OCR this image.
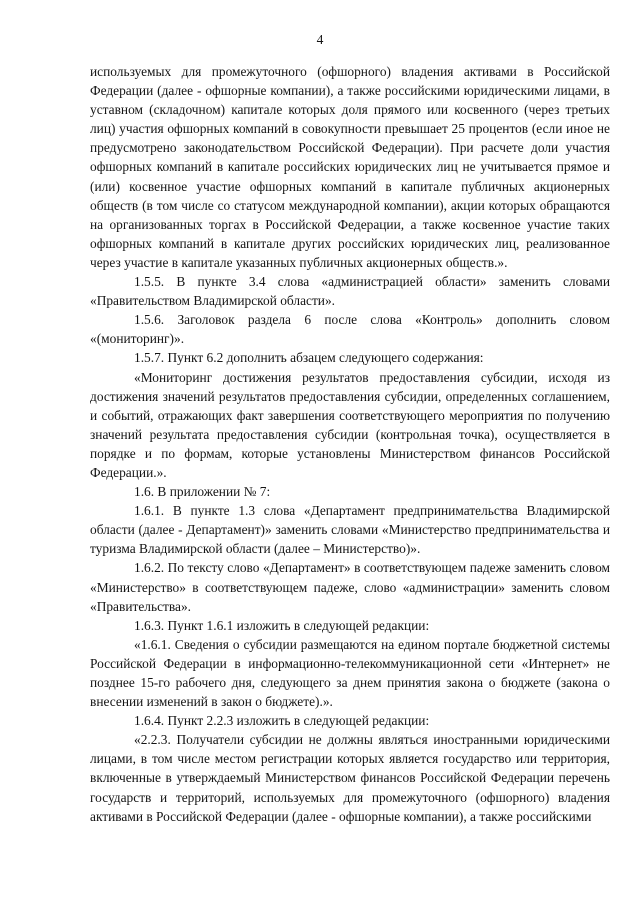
4

используемых для промежуточного (офшорного) владения активами в Российской Федерации (далее - офшорные компании), а также российскими юридическими лицами, в уставном (складочном) капитале которых доля прямого или косвенного (через третьих лиц) участия офшорных компаний в совокупности превышает 25 процентов (если иное не предусмотрено законодательством Российской Федерации). При расчете доли участия офшорных компаний в капитале российских юридических лиц не учитывается прямое и (или) косвенное участие офшорных компаний в капитале публичных акционерных обществ (в том числе со статусом международной компании), акции которых обращаются на организованных торгах в Российской Федерации, а также косвенное участие таких офшорных компаний в капитале других российских юридических лиц, реализованное через участие в капитале указанных публичных акционерных обществ.».

1.5.5. В пункте 3.4 слова «администрацией области» заменить словами «Правительством Владимирской области».

1.5.6. Заголовок раздела 6 после слова «Контроль» дополнить словом «(мониторинг)».

1.5.7. Пункт 6.2 дополнить абзацем следующего содержания:

«Мониторинг достижения результатов предоставления субсидии, исходя из достижения значений результатов предоставления субсидии, определенных соглашением, и событий, отражающих факт завершения соответствующего мероприятия по получению значений результата предоставления субсидии (контрольная точка), осуществляется в порядке и по формам, которые установлены Министерством финансов Российской Федерации.».

1.6. В приложении № 7:

1.6.1. В пункте 1.3 слова «Департамент предпринимательства Владимирской области (далее - Департамент)» заменить словами «Министерство предпринимательства и туризма Владимирской области (далее – Министерство)».

1.6.2. По тексту слово «Департамент» в соответствующем падеже заменить словом «Министерство» в соответствующем падеже, слово «администрации» заменить словом «Правительства».

1.6.3. Пункт 1.6.1 изложить в следующей редакции:

«1.6.1. Сведения о субсидии размещаются на едином портале бюджетной системы Российской Федерации в информационно-телекоммуникационной сети «Интернет» не позднее 15-го рабочего дня, следующего за днем принятия закона о бюджете (закона о внесении изменений в закон о бюджете).».

1.6.4. Пункт 2.2.3 изложить в следующей редакции:

«2.2.3. Получатели субсидии не должны являться иностранными юридическими лицами, в том числе местом регистрации которых является государство или территория, включенные в утверждаемый Министерством финансов Российской Федерации перечень государств и территорий, используемых для промежуточного (офшорного) владения активами в Российской Федерации (далее - офшорные компании), а также российскими
